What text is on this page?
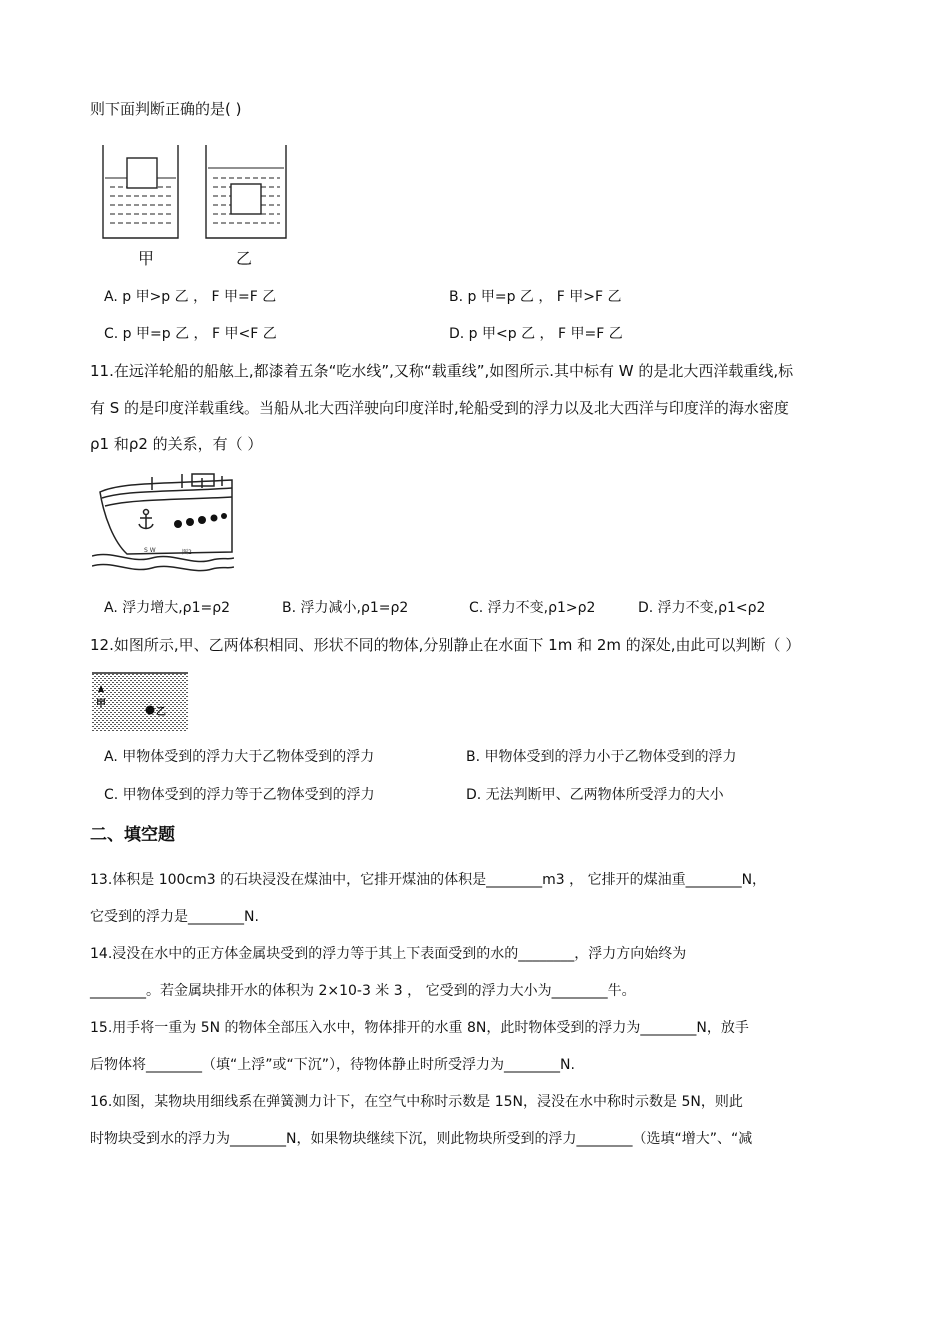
则下面判断正确的是( )
甲	乙
A. p 甲>p 乙 ， F 甲=F 乙	B. p 甲=p 乙 ， F 甲>F 乙
C. p 甲=p 乙 ， F 甲<F 乙	D. p 甲<p 乙 ， F 甲=F 乙
11.在远洋轮船的船舷上,都漆着五条“吃水线”,又称“载重线”,如图所示.其中标有 W 的是北大西洋载重线,标
有 S 的是印度洋载重线。当船从北大西洋驶向印度洋时,轮船受到的浮力以及北大西洋与印度洋的海水密度
ρ1 和ρ2 的关系，有（ ）
S W	图2
A. 浮力增大,ρ1=ρ2	B. 浮力减小,ρ1=ρ2	C. 浮力不变,ρ1>ρ2	D. 浮力不变,ρ1<ρ2
12.如图所示,甲、乙两体积相同、形状不同的物体,分别静止在水面下 1m 和 2m 的深处,由此可以判断（ ）
甲
乙
A. 甲物体受到的浮力大于乙物体受到的浮力	B. 甲物体受到的浮力小于乙物体受到的浮力
C. 甲物体受到的浮力等于乙物体受到的浮力	D. 无法判断甲、乙两物体所受浮力的大小
二、填空题
13.体积是 100cm3 的石块浸没在煤油中，它排开煤油的体积是________m3 ， 它排开的煤油重________N，
它受到的浮力是________N.
14.浸没在水中的正方体金属块受到的浮力等于其上下表面受到的水的________，浮力方向始终为
________。若金属块排开水的体积为 2×10-3 米 3 ， 它受到的浮力大小为________牛。
15.用手将一重为 5N 的物体全部压入水中，物体排开的水重 8N，此时物体受到的浮力为________N，放手
后物体将________（填“上浮”或“下沉”），待物体静止时所受浮力为________N.
16.如图，某物块用细线系在弹簧测力计下，在空气中称时示数是 15N，浸没在水中称时示数是 5N，则此
时物块受到水的浮力为________N，如果物块继续下沉，则此物块所受到的浮力________（选填“增大”、“减
